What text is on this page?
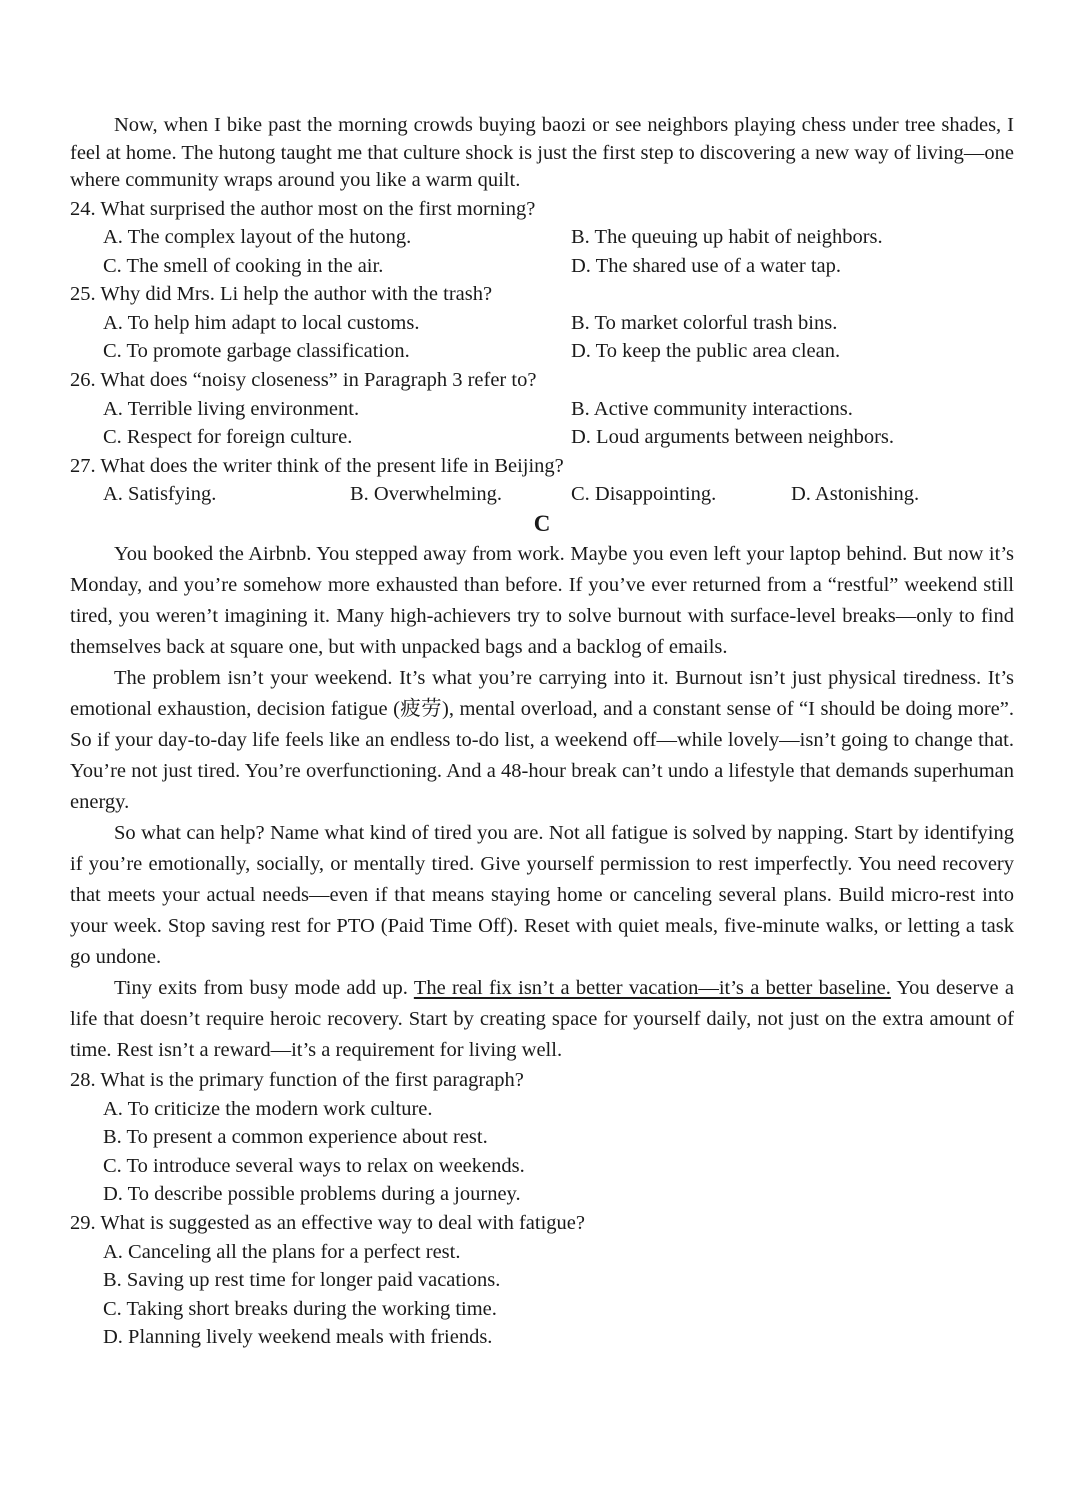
Now, when I bike past the morning crowds buying baozi or see neighbors playing chess under tree shades, I feel at home. The hutong taught me that culture shock is just the first step to discovering a new way of living—one where community wraps around you like a warm quilt.

24. What surprised the author most on the first morning?

A. The complex layout of the hutong.	B. The queuing up habit of neighbors.
C. The smell of cooking in the air.	D. The shared use of a water tap.

25. Why did Mrs. Li help the author with the trash?

A. To help him adapt to local customs.	B. To market colorful trash bins.
C. To promote garbage classification.	D. To keep the public area clean.

26. What does “noisy closeness” in Paragraph 3 refer to?

A. Terrible living environment.	B. Active community interactions.
C. Respect for foreign culture.	D. Loud arguments between neighbors.

27. What does the writer think of the present life in Beijing?

A. Satisfying.	B. Overwhelming.	C. Disappointing.	D. Astonishing.

C

You booked the Airbnb. You stepped away from work. Maybe you even left your laptop behind. But now it’s Monday, and you’re somehow more exhausted than before. If you’ve ever returned from a “restful” weekend still tired, you weren’t imagining it. Many high-achievers try to solve burnout with surface-level breaks—only to find themselves back at square one, but with unpacked bags and a backlog of emails.

The problem isn’t your weekend. It’s what you’re carrying into it. Burnout isn’t just physical tiredness. It’s emotional exhaustion, decision fatigue (疲劳), mental overload, and a constant sense of “I should be doing more”. So if your day-to-day life feels like an endless to-do list, a weekend off—while lovely—isn’t going to change that. You’re not just tired. You’re overfunctioning. And a 48-hour break can’t undo a lifestyle that demands superhuman energy.

So what can help? Name what kind of tired you are. Not all fatigue is solved by napping. Start by identifying if you’re emotionally, socially, or mentally tired. Give yourself permission to rest imperfectly. You need recovery that meets your actual needs—even if that means staying home or canceling several plans. Build micro-rest into your week. Stop saving rest for PTO (Paid Time Off). Reset with quiet meals, five-minute walks, or letting a task go undone.

Tiny exits from busy mode add up. The real fix isn’t a better vacation—it’s a better baseline. You deserve a life that doesn’t require heroic recovery. Start by creating space for yourself daily, not just on the extra amount of time. Rest isn’t a reward—it’s a requirement for living well.

28. What is the primary function of the first paragraph?

A. To criticize the modern work culture.
B. To present a common experience about rest.
C. To introduce several ways to relax on weekends.
D. To describe possible problems during a journey.

29. What is suggested as an effective way to deal with fatigue?

A. Canceling all the plans for a perfect rest.
B. Saving up rest time for longer paid vacations.
C. Taking short breaks during the working time.
D. Planning lively weekend meals with friends.
